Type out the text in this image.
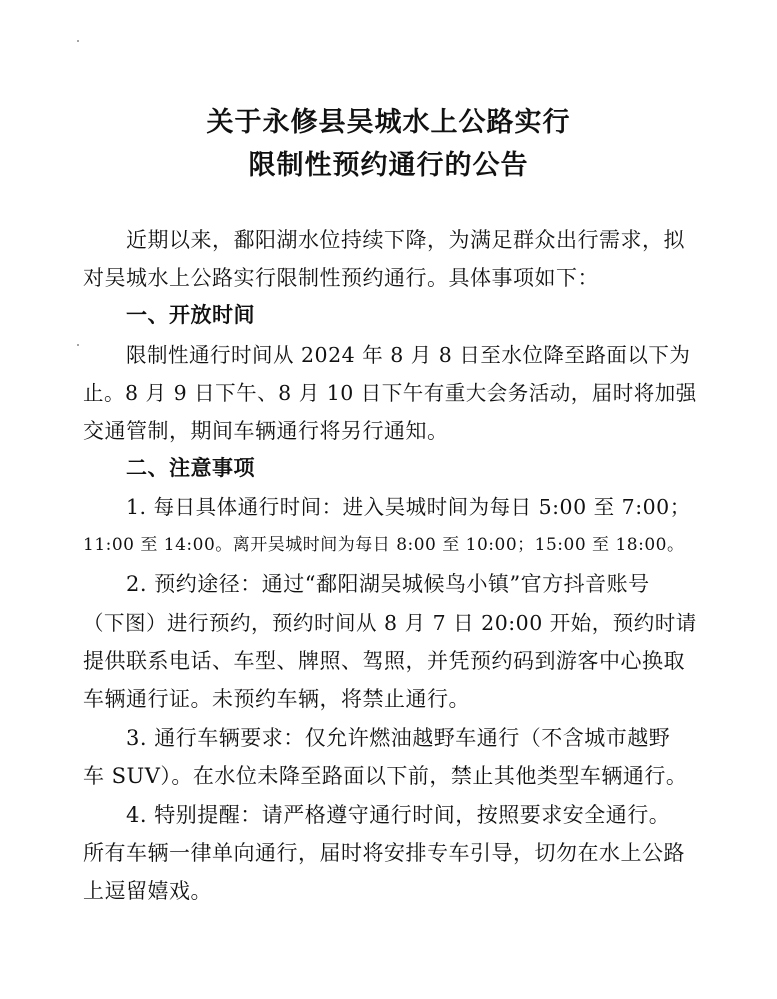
关于永修县吴城水上公路实行
限制性预约通行的公告
近期以来，鄱阳湖水位持续下降，为满足群众出行需求，拟
对吴城水上公路实行限制性预约通行。具体事项如下：
一、开放时间
限制性通行时间从 2024 年 8 月 8 日至水位降至路面以下为
止。8 月 9 日下午、8 月 10 日下午有重大会务活动，届时将加强
交通管制，期间车辆通行将另行通知。
二、注意事项
1. 每日具体通行时间：进入吴城时间为每日 5:00 至 7:00；
11:00 至 14:00。离开吴城时间为每日 8:00 至 10:00；15:00 至 18:00。
2. 预约途径：通过“鄱阳湖吴城候鸟小镇”官方抖音账号
（下图）进行预约，预约时间从 8 月 7 日 20:00 开始，预约时请
提供联系电话、车型、牌照、驾照，并凭预约码到游客中心换取
车辆通行证。未预约车辆，将禁止通行。
3. 通行车辆要求：仅允许燃油越野车通行（不含城市越野
车 SUV）。在水位未降至路面以下前，禁止其他类型车辆通行。
4. 特别提醒：请严格遵守通行时间，按照要求安全通行。
所有车辆一律单向通行，届时将安排专车引导，切勿在水上公路
上逗留嬉戏。
